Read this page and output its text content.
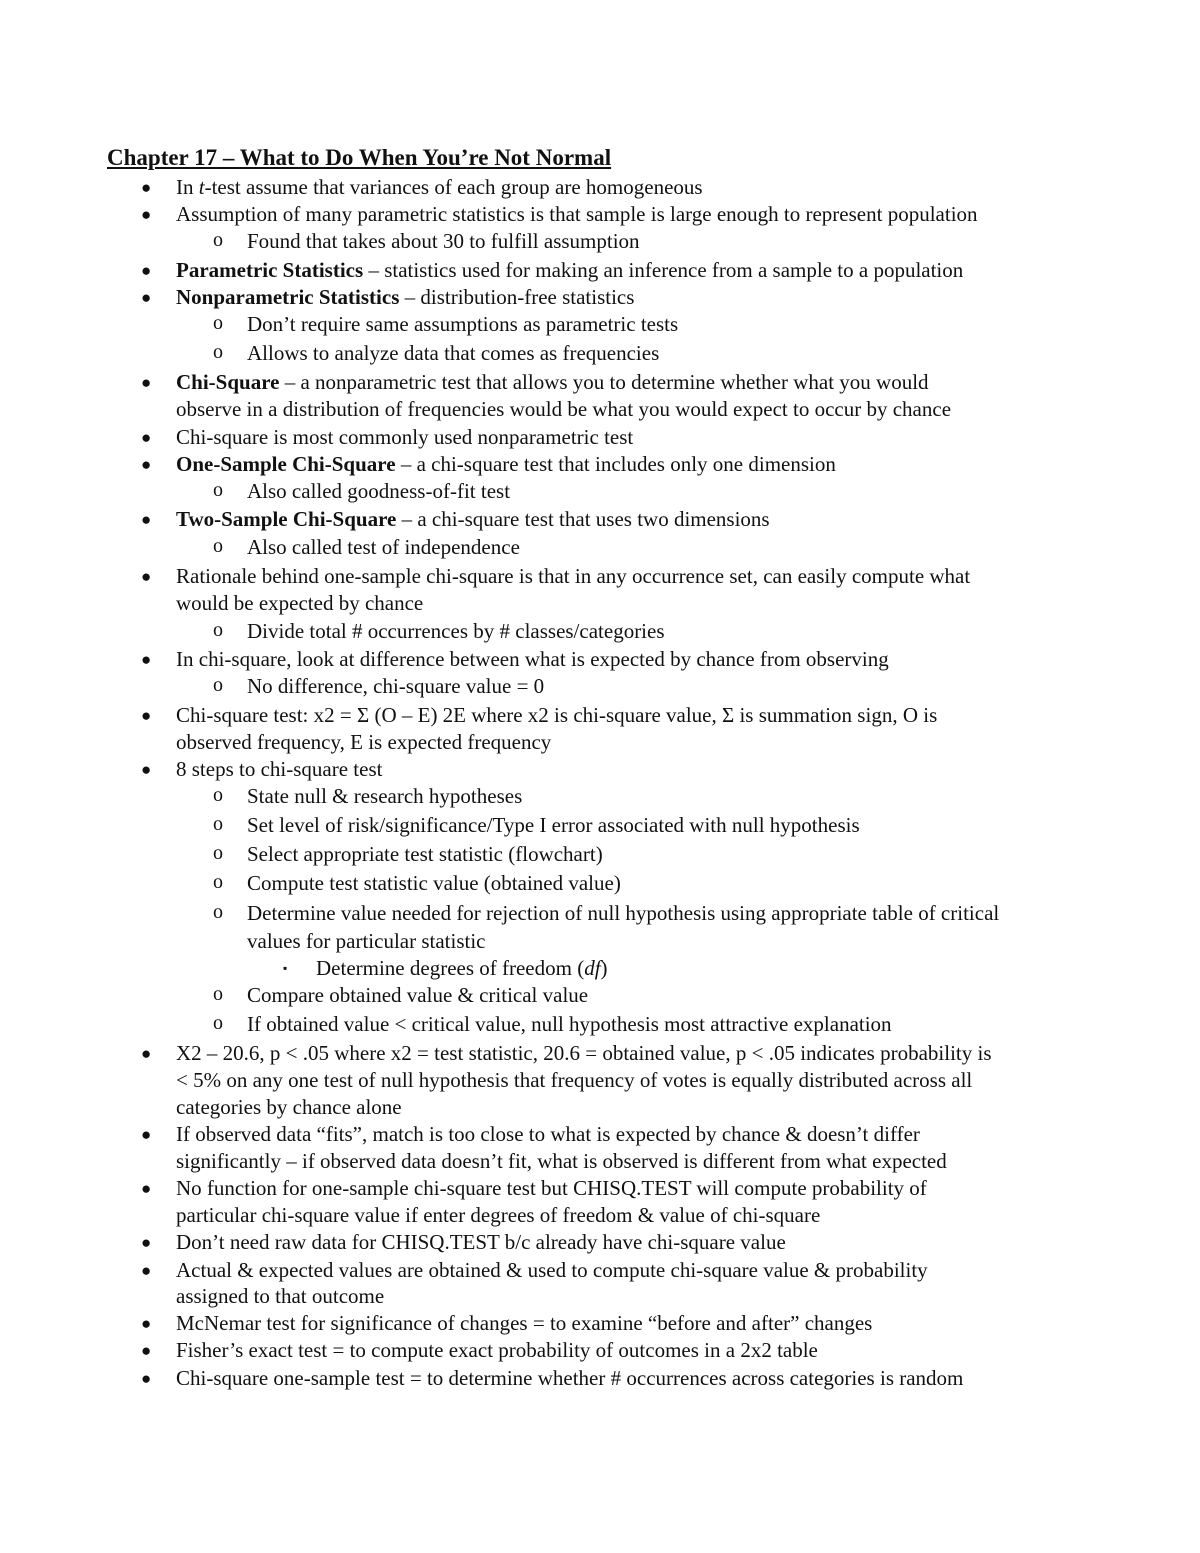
Chapter 17 – What to Do When You’re Not Normal

● In t-test assume that variances of each group are homogeneous

● Assumption of many parametric statistics is that sample is large enough to represent population

o Found that takes about 30 to fulfill assumption

● Parametric Statistics – statistics used for making an inference from a sample to a population

● Nonparametric Statistics – distribution-free statistics

o Don’t require same assumptions as parametric tests

o Allows to analyze data that comes as frequencies

● Chi-Square – a nonparametric test that allows you to determine whether what you would

observe in a distribution of frequencies would be what you would expect to occur by chance

● Chi-square is most commonly used nonparametric test

● One-Sample Chi-Square – a chi-square test that includes only one dimension

o Also called goodness-of-fit test

● Two-Sample Chi-Square – a chi-square test that uses two dimensions

o Also called test of independence

● Rationale behind one-sample chi-square is that in any occurrence set, can easily compute what

would be expected by chance

o Divide total # occurrences by # classes/categories

● In chi-square, look at difference between what is expected by chance from observing

o No difference, chi-square value = 0

● Chi-square test: x2 = Σ (O – E) 2E where x2 is chi-square value, Σ is summation sign, O is

observed frequency, E is expected frequency

● 8 steps to chi-square test

o State null & research hypotheses

o Set level of risk/significance/Type I error associated with null hypothesis

o Select appropriate test statistic (flowchart)

o Compute test statistic value (obtained value)

o Determine value needed for rejection of null hypothesis using appropriate table of critical

values for particular statistic

▪ Determine degrees of freedom (df)

o Compare obtained value & critical value

o If obtained value < critical value, null hypothesis most attractive explanation

● X2 – 20.6, p < .05 where x2 = test statistic, 20.6 = obtained value, p < .05 indicates probability is

< 5% on any one test of null hypothesis that frequency of votes is equally distributed across all

categories by chance alone

● If observed data “fits”, match is too close to what is expected by chance & doesn’t differ

significantly – if observed data doesn’t fit, what is observed is different from what expected

● No function for one-sample chi-square test but CHISQ.TEST will compute probability of

particular chi-square value if enter degrees of freedom & value of chi-square

● Don’t need raw data for CHISQ.TEST b/c already have chi-square value

● Actual & expected values are obtained & used to compute chi-square value & probability

assigned to that outcome

● McNemar test for significance of changes = to examine “before and after” changes

● Fisher’s exact test = to compute exact probability of outcomes in a 2x2 table

● Chi-square one-sample test = to determine whether # occurrences across categories is random
